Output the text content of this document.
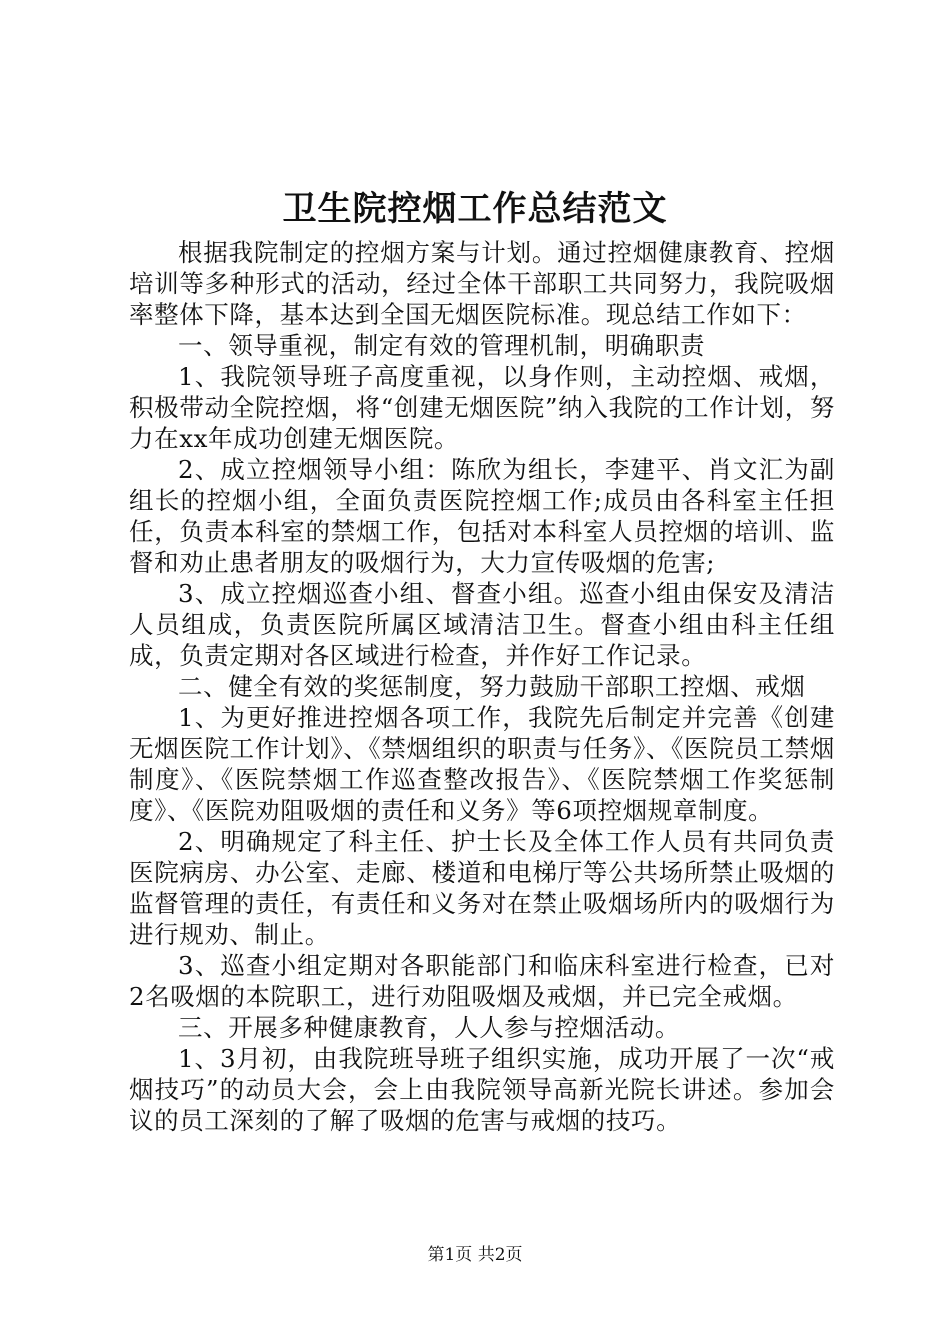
卫生院控烟工作总结范文

根据我院制定的控烟方案与计划。通过控烟健康教育、控烟培训等多种形式的活动，经过全体干部职工共同努力，我院吸烟率整体下降，基本达到全国无烟医院标准。现总结工作如下：

一、领导重视，制定有效的管理机制，明确职责

1、我院领导班子高度重视，以身作则，主动控烟、戒烟，积极带动全院控烟，将“创建无烟医院”纳入我院的工作计划，努力在xx年成功创建无烟医院。

2、成立控烟领导小组：陈欣为组长，李建平、肖文汇为副组长的控烟小组，全面负责医院控烟工作;成员由各科室主任担任，负责本科室的禁烟工作，包括对本科室人员控烟的培训、监督和劝止患者朋友的吸烟行为，大力宣传吸烟的危害;

3、成立控烟巡查小组、督查小组。巡查小组由保安及清洁人员组成，负责医院所属区域清洁卫生。督查小组由科主任组成，负责定期对各区域进行检查，并作好工作记录。

二、健全有效的奖惩制度，努力鼓励干部职工控烟、戒烟

1、为更好推进控烟各项工作，我院先后制定并完善《创建无烟医院工作计划》、《禁烟组织的职责与任务》、《医院员工禁烟制度》、《医院禁烟工作巡查整改报告》、《医院禁烟工作奖惩制度》、《医院劝阻吸烟的责任和义务》等6项控烟规章制度。

2、明确规定了科主任、护士长及全体工作人员有共同负责医院病房、办公室、走廊、楼道和电梯厅等公共场所禁止吸烟的监督管理的责任，有责任和义务对在禁止吸烟场所内的吸烟行为进行规劝、制止。

3、巡查小组定期对各职能部门和临床科室进行检查，已对2名吸烟的本院职工，进行劝阻吸烟及戒烟，并已完全戒烟。

三、开展多种健康教育，人人参与控烟活动。

1、3月初，由我院班导班子组织实施，成功开展了一次“戒烟技巧”的动员大会，会上由我院领导高新光院长讲述。参加会议的员工深刻的了解了吸烟的危害与戒烟的技巧。

第1页 共2页
